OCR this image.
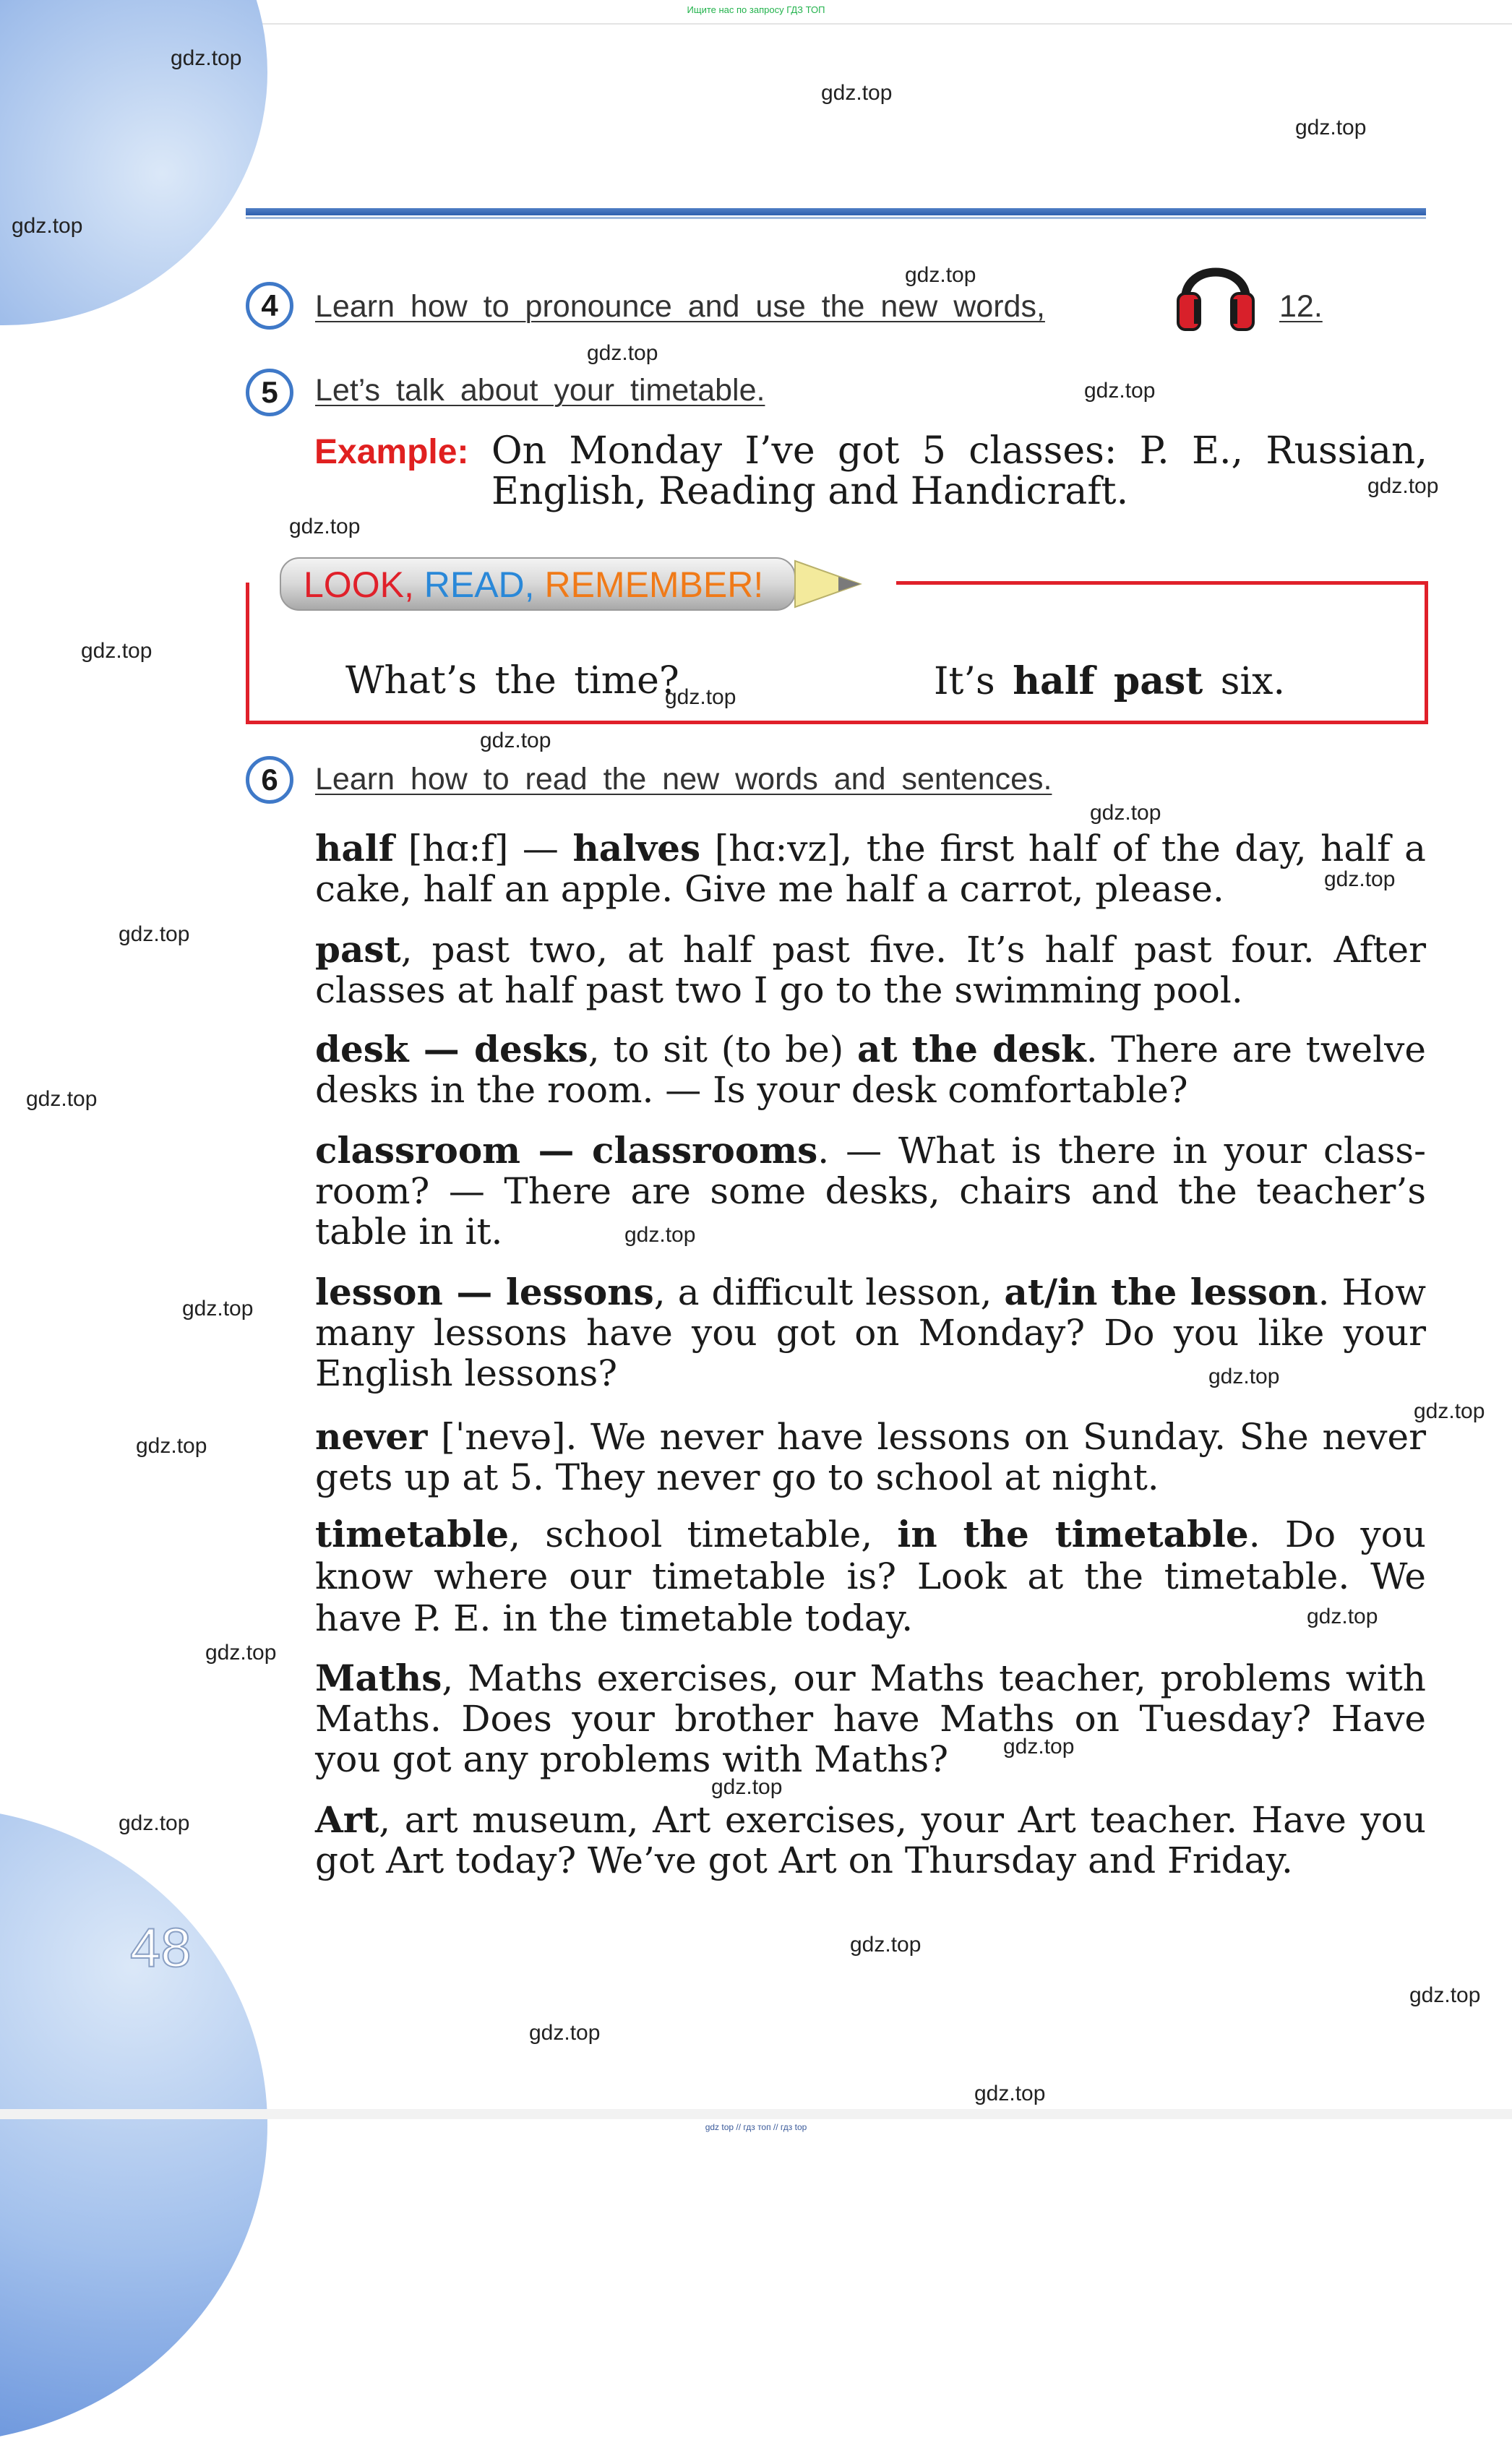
Ищите нас по запросу ГДЗ ТОП
48
4	Learn how to pronounce and use the new words,	12.
5	Let’s talk about your timetable.
Example: On Monday I’ve got 5 classes: P. E., Russian,
English, Reading and Handicraft.
LOOK, READ, REMEMBER!
What’s the time?	It’s half past six.
6	Learn how to read the new words and sentences.
half [hɑ:f] — halves [hɑ:vz], the first half of the day, half a
cake, half an apple. Give me half a carrot, please.
past, past two, at half past five. It’s half past four. After
classes at half past two I go to the swimming pool.
desk — desks, to sit (to be) at the desk. There are twelve
desks in the room. — Is your desk comfortable?
classroom — classrooms. — What is there in your class-
room? — There are some desks, chairs and the teacher’s
table in it.
lesson — lessons, a difficult lesson, at/in the lesson. How
many lessons have you got on Monday? Do you like your
English lessons?
never [ˈnevə]. We never have lessons on Sunday. She never
gets up at 5. They never go to school at night.
timetable, school timetable, in the timetable. Do you
know where our timetable is? Look at the timetable. We
have P. E. in the timetable today.
Maths, Maths exercises, our Maths teacher, problems with
Maths. Does your brother have Maths on Tuesday? Have
you got any problems with Maths?
Art, art museum, Art exercises, your Art teacher. Have you
got Art today? We’ve got Art on Thursday and Friday.
gdz.top
gdz.top
gdz.top
gdz.top
gdz.top
gdz.top
gdz.top
gdz.top
gdz.top
gdz.top
gdz.top
gdz.top
gdz.top
gdz.top
gdz.top
gdz.top
gdz.top
gdz.top
gdz.top
gdz.top
gdz.top
gdz.top
gdz.top
gdz.top
gdz.top
gdz.top
gdz.top
gdz.top
gdz.top
gdz.top
gdz top // гдз топ // гдз top
